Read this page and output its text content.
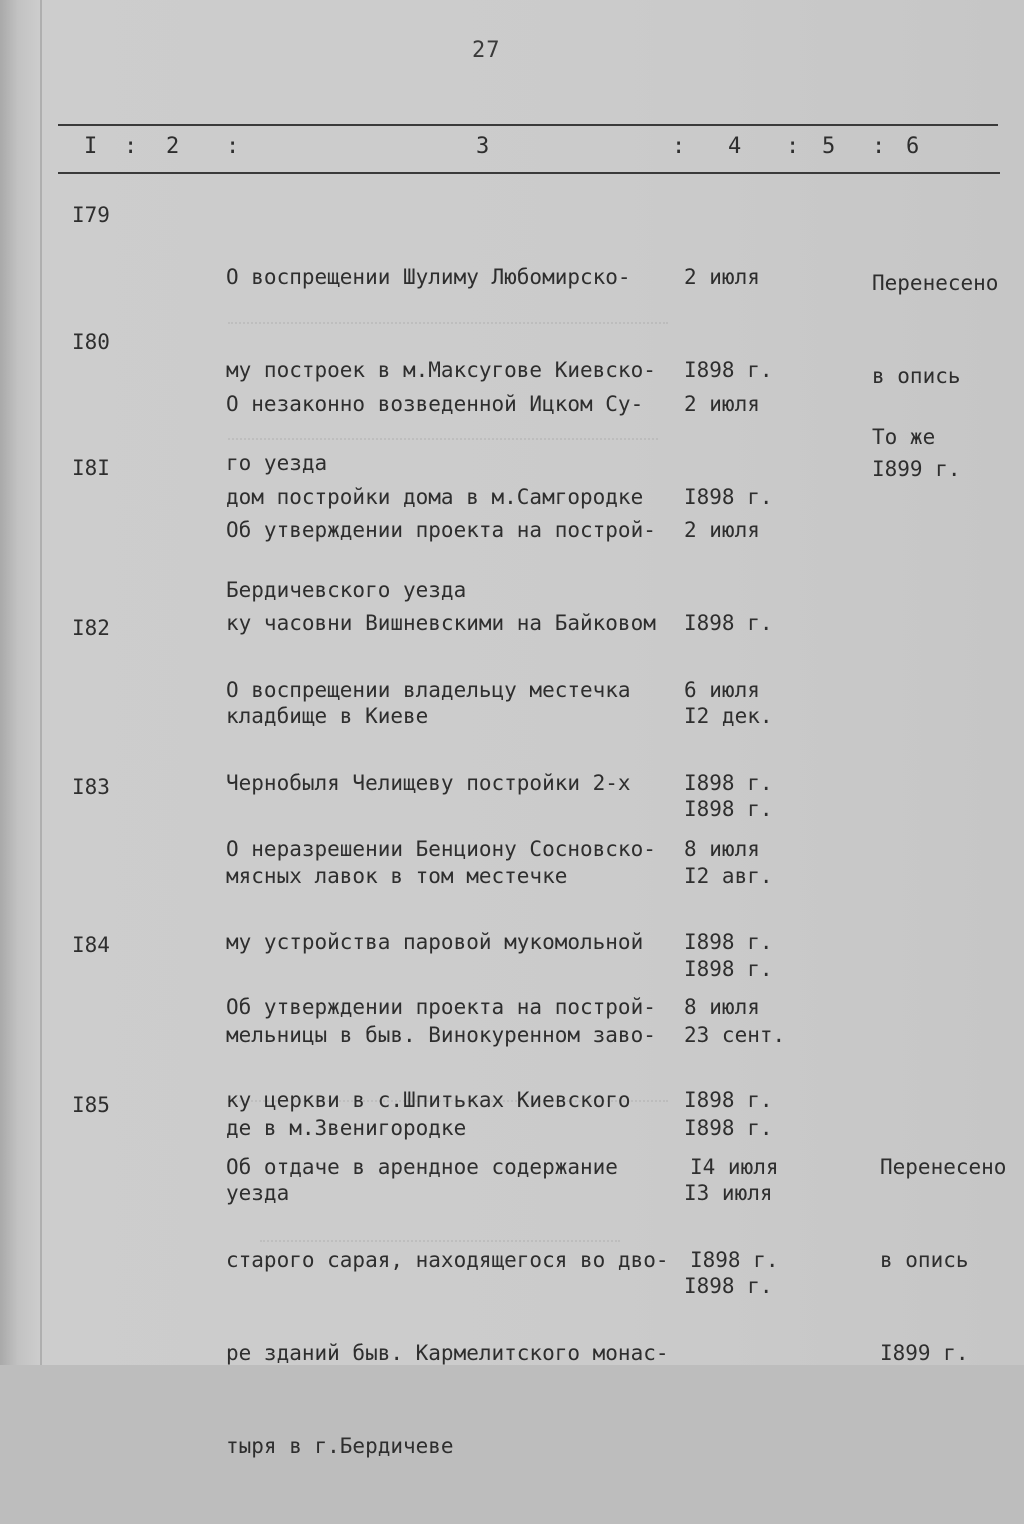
27
I : 2 :	3	: 4 : 5 : 6
I79

О воспрещении Шулиму Любомирско-

му построек в м.Максугове Киевско-

го уезда

2 июля

I898 г.

Перенесено

в опись

I899 г.

I80

О незаконно возведенной Ицком Су-

дом постройки дома в м.Самгородке

Бердичевского уезда

2 июля

I898 г.

То же

I8I

Об утверждении проекта на построй-

ку часовни Вишневскими на Байковом

кладбище в Киеве

2 июля

I898 г.

I2 дек.

I898 г.

I82

О воспрещении владельцу местечка

Чернобыля Челищеву постройки 2-х

мясных лавок в том местечке

6 июля

I898 г.

I2 авг.

I898 г.

I83

О неразрешении Бенциону Сосновско-

му устройства паровой мукомольной

мельницы в быв. Винокуренном заво-

де в м.Звенигородке

8 июля

I898 г.

23 сент.

I898 г.

I84

Об утверждении проекта на построй-

ку церкви в с.Шпитьках Киевского

уезда

8 июля

I898 г.

I3 июля

I898 г.

I85

Об отдаче в арендное содержание

старого сарая, находящегося во дво-

ре зданий быв. Кармелитского монас-

тыря в г.Бердичеве

I4 июля

I898 г.

Перенесено

в опись

I899 г.
